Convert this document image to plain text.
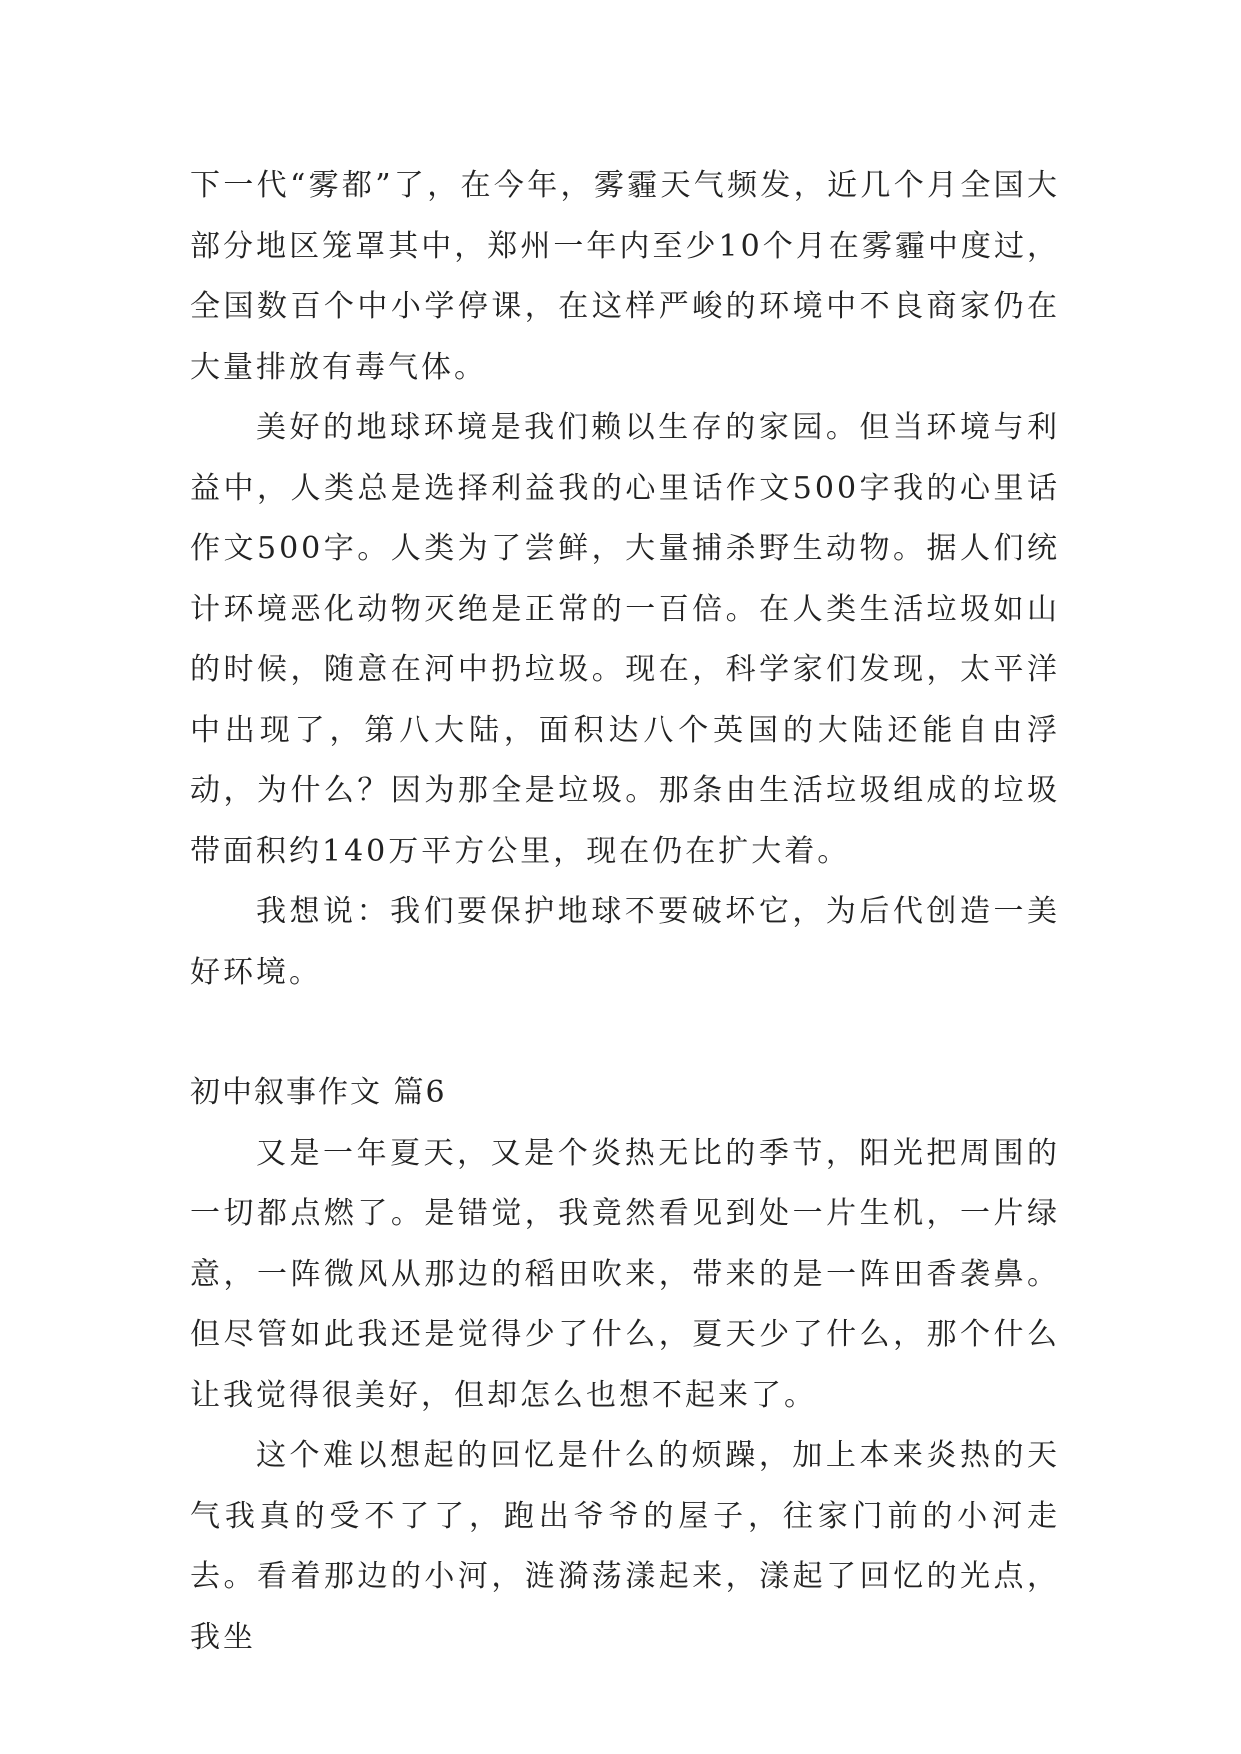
下一代“雾都”了，在今年，雾霾天气频发，近几个月全国大部分地区笼罩其中，郑州一年内至少10个月在雾霾中度过，全国数百个中小学停课，在这样严峻的环境中不良商家仍在大量排放有毒气体。

美好的地球环境是我们赖以生存的家园。但当环境与利益中，人类总是选择利益我的心里话作文500字我的心里话作文500字。人类为了尝鲜，大量捕杀野生动物。据人们统计环境恶化动物灭绝是正常的一百倍。在人类生活垃圾如山的时候，随意在河中扔垃圾。现在，科学家们发现，太平洋中出现了，第八大陆，面积达八个英国的大陆还能自由浮动，为什么？因为那全是垃圾。那条由生活垃圾组成的垃圾带面积约140万平方公里，现在仍在扩大着。

我想说：我们要保护地球不要破坏它，为后代创造一美好环境。

初中叙事作文 篇6

又是一年夏天，又是个炎热无比的季节，阳光把周围的一切都点燃了。是错觉，我竟然看见到处一片生机，一片绿意，一阵微风从那边的稻田吹来，带来的是一阵田香袭鼻。但尽管如此我还是觉得少了什么，夏天少了什么，那个什么让我觉得很美好，但却怎么也想不起来了。

这个难以想起的回忆是什么的烦躁，加上本来炎热的天气我真的受不了了，跑出爷爷的屋子，往家门前的小河走去。看着那边的小河，涟漪荡漾起来，漾起了回忆的光点，我坐
